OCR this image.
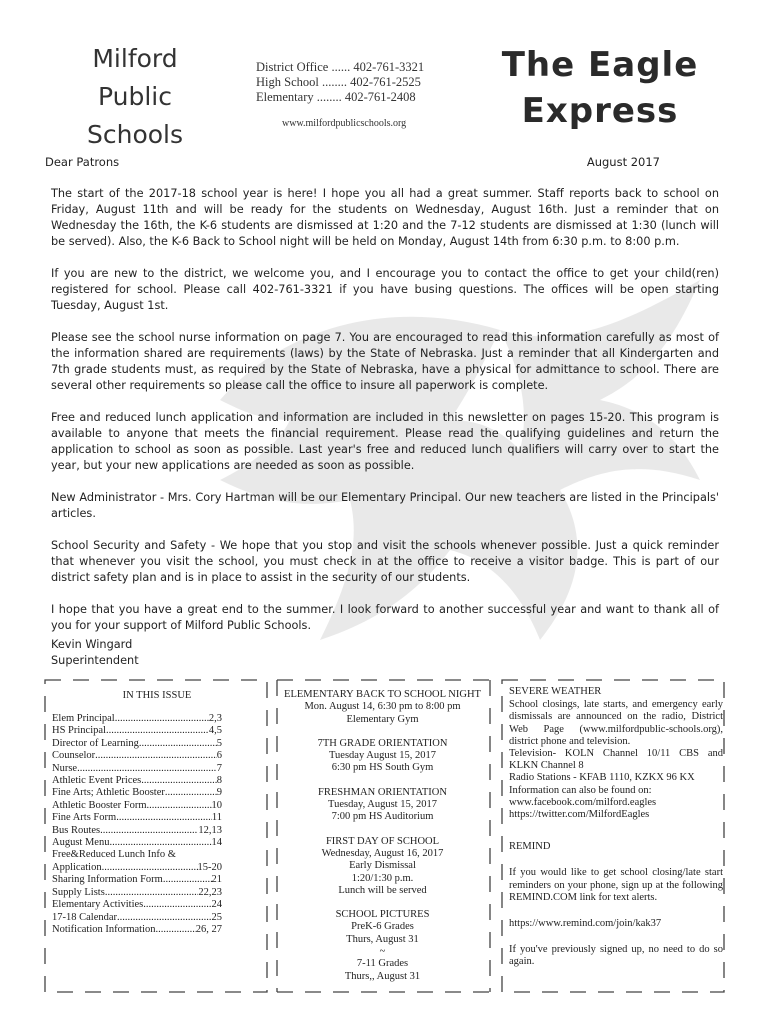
Milford
Public
Schools
District Office ...... 402-761-3321
High School ........ 402-761-2525
Elementary ........ 402-761-2408
www.milfordpublicschools.org
The Eagle
Express
Dear Patrons	August 2017

The start of the 2017-18 school year is here! I hope you all had a great summer. Staff reports back to school on Friday, August 11th and will be ready for the students on Wednesday, August 16th. Just a reminder that on Wednesday the 16th, the K-6 students are dismissed at 1:20 and the 7-12 students are dismissed at 1:30 (lunch will be served). Also, the K-6 Back to School night will be held on Monday, August 14th from 6:30 p.m. to 8:00 p.m.

If you are new to the district, we welcome you, and I encourage you to contact the office to get your child(ren) registered for school. Please call 402-761-3321 if you have busing questions. The offices will be open starting Tuesday, August 1st.

Please see the school nurse information on page 7. You are encouraged to read this information carefully as most of the information shared are requirements (laws) by the State of Nebraska. Just a reminder that all Kindergarten and 7th grade students must, as required by the State of Nebraska, have a physical for admittance to school. There are several other requirements so please call the office to insure all paperwork is complete.

Free and reduced lunch application and information are included in this newsletter on pages 15-20. This program is available to anyone that meets the financial requirement. Please read the qualifying guidelines and return the application to school as soon as possible. Last year's free and reduced lunch qualifiers will carry over to start the year, but your new applications are needed as soon as possible.

New Administrator - Mrs. Cory Hartman will be our Elementary Principal. Our new teachers are listed in the Principals' articles.

School Security and Safety - We hope that you stop and visit the schools whenever possible. Just a quick reminder that whenever you visit the school, you must check in at the office to receive a visitor badge. This is part of our district safety plan and is in place to assist in the security of our students.

I hope that you have a great end to the summer. I look forward to another successful year and want to thank all of you for your support of Milford Public Schools.

Kevin Wingard
Superintendent
IN THIS ISSUE
Elem Principal .....	2,3
HS Principal .....	4,5
Director of Learning .....	5
Counselor .....	6
Nurse .....	7
Athletic Event Prices .....	8
Fine Arts; Athletic Booster .....	9
Athletic Booster Form .....	10
Fine Arts Form .....	11
Bus Routes .....	12,13
August Menu .....	14
Free&Reduced Lunch Info &
Application .....	15-20
Sharing Information Form .....	21
Supply Lists .....	22,23
Elementary Activities .....	24
17-18 Calendar .....	25
Notification Information .....	26, 27
ELEMENTARY BACK TO SCHOOL NIGHT
Mon. August 14, 6:30 pm to 8:00 pm
Elementary Gym
7TH GRADE ORIENTATION
Tuesday August 15, 2017
6:30 pm HS South Gym
FRESHMAN ORIENTATION
Tuesday, August 15, 2017
7:00 pm HS Auditorium
FIRST DAY OF SCHOOL
Wednesday, August 16, 2017
Early Dismissal
1:20/1:30 p.m.
Lunch will be served
SCHOOL PICTURES
PreK-6 Grades
Thurs, August 31
~
7-11 Grades
Thurs,, August 31
SEVERE WEATHER
School closings, late starts, and emergency early dismissals are announced on the radio, District Web Page (www.milfordpublic-schools.org), district phone and television.
Television- KOLN Channel 10/11 CBS and KLKN Channel 8
Radio Stations - KFAB 1110, KZKX 96 KX
Information can also be found on:
www.facebook.com/milford.eagles
https://twitter.com/MilfordEagles
REMIND
If you would like to get school closing/late start reminders on your phone, sign up at the following REMIND.COM link for text alerts.
https://www.remind.com/join/kak37
If you've previously signed up, no need to do so again.
